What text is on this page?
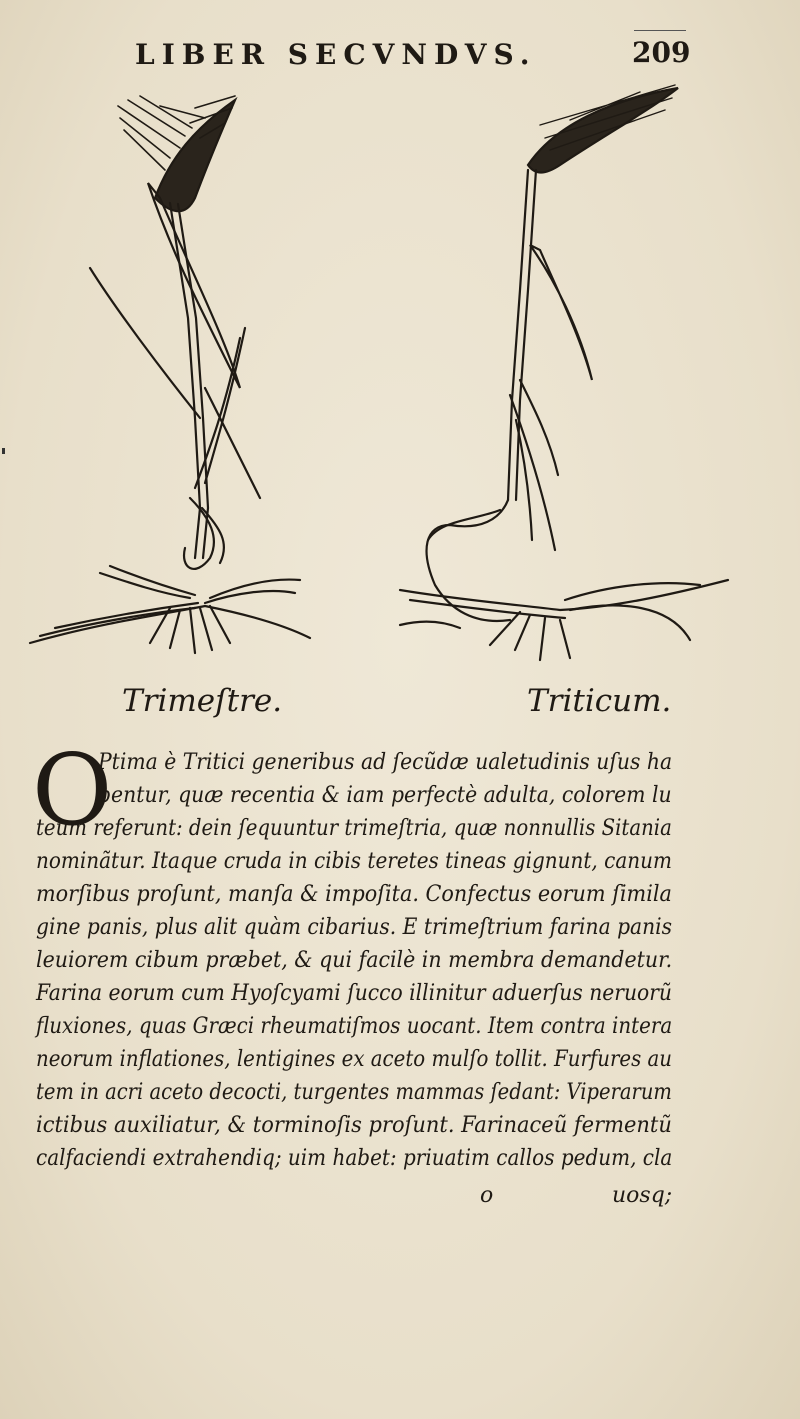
LIBER SECVNDVS.	209
Trimeſtre.	Triticum.
O
Ptima è Tritici generibus ad ſecũdæ ualetudinis uſus ha
bentur, quæ recentia & iam perfectè adulta, colorem lu
teum referunt: dein ſequuntur trimeſtria, quæ nonnullis Sitania
nominãtur. Itaque cruda in cibis teretes tineas gignunt, canum
morſibus proſunt, manſa & impoſita. Confectus eorum ſimila
gine panis, plus alit quàm cibarius. E trimeſtrium farina panis
leuiorem cibum præbet, & qui facilè in membra demandetur.
Farina eorum cum Hyoſcyami ſucco illinitur aduerſus neruorũ
fluxiones, quas Græci rheumatiſmos uocant. Item contra intera
neorum inflationes, lentigines ex aceto mulſo tollit. Furfures au
tem in acri aceto decocti, turgentes mammas ſedant: Viperarum
ictibus auxiliatur, & torminoſis proſunt. Farinaceũ fermentũ
calfaciendi extrahendiq; uim habet: priuatim callos pedum, cla
o	uosq;
